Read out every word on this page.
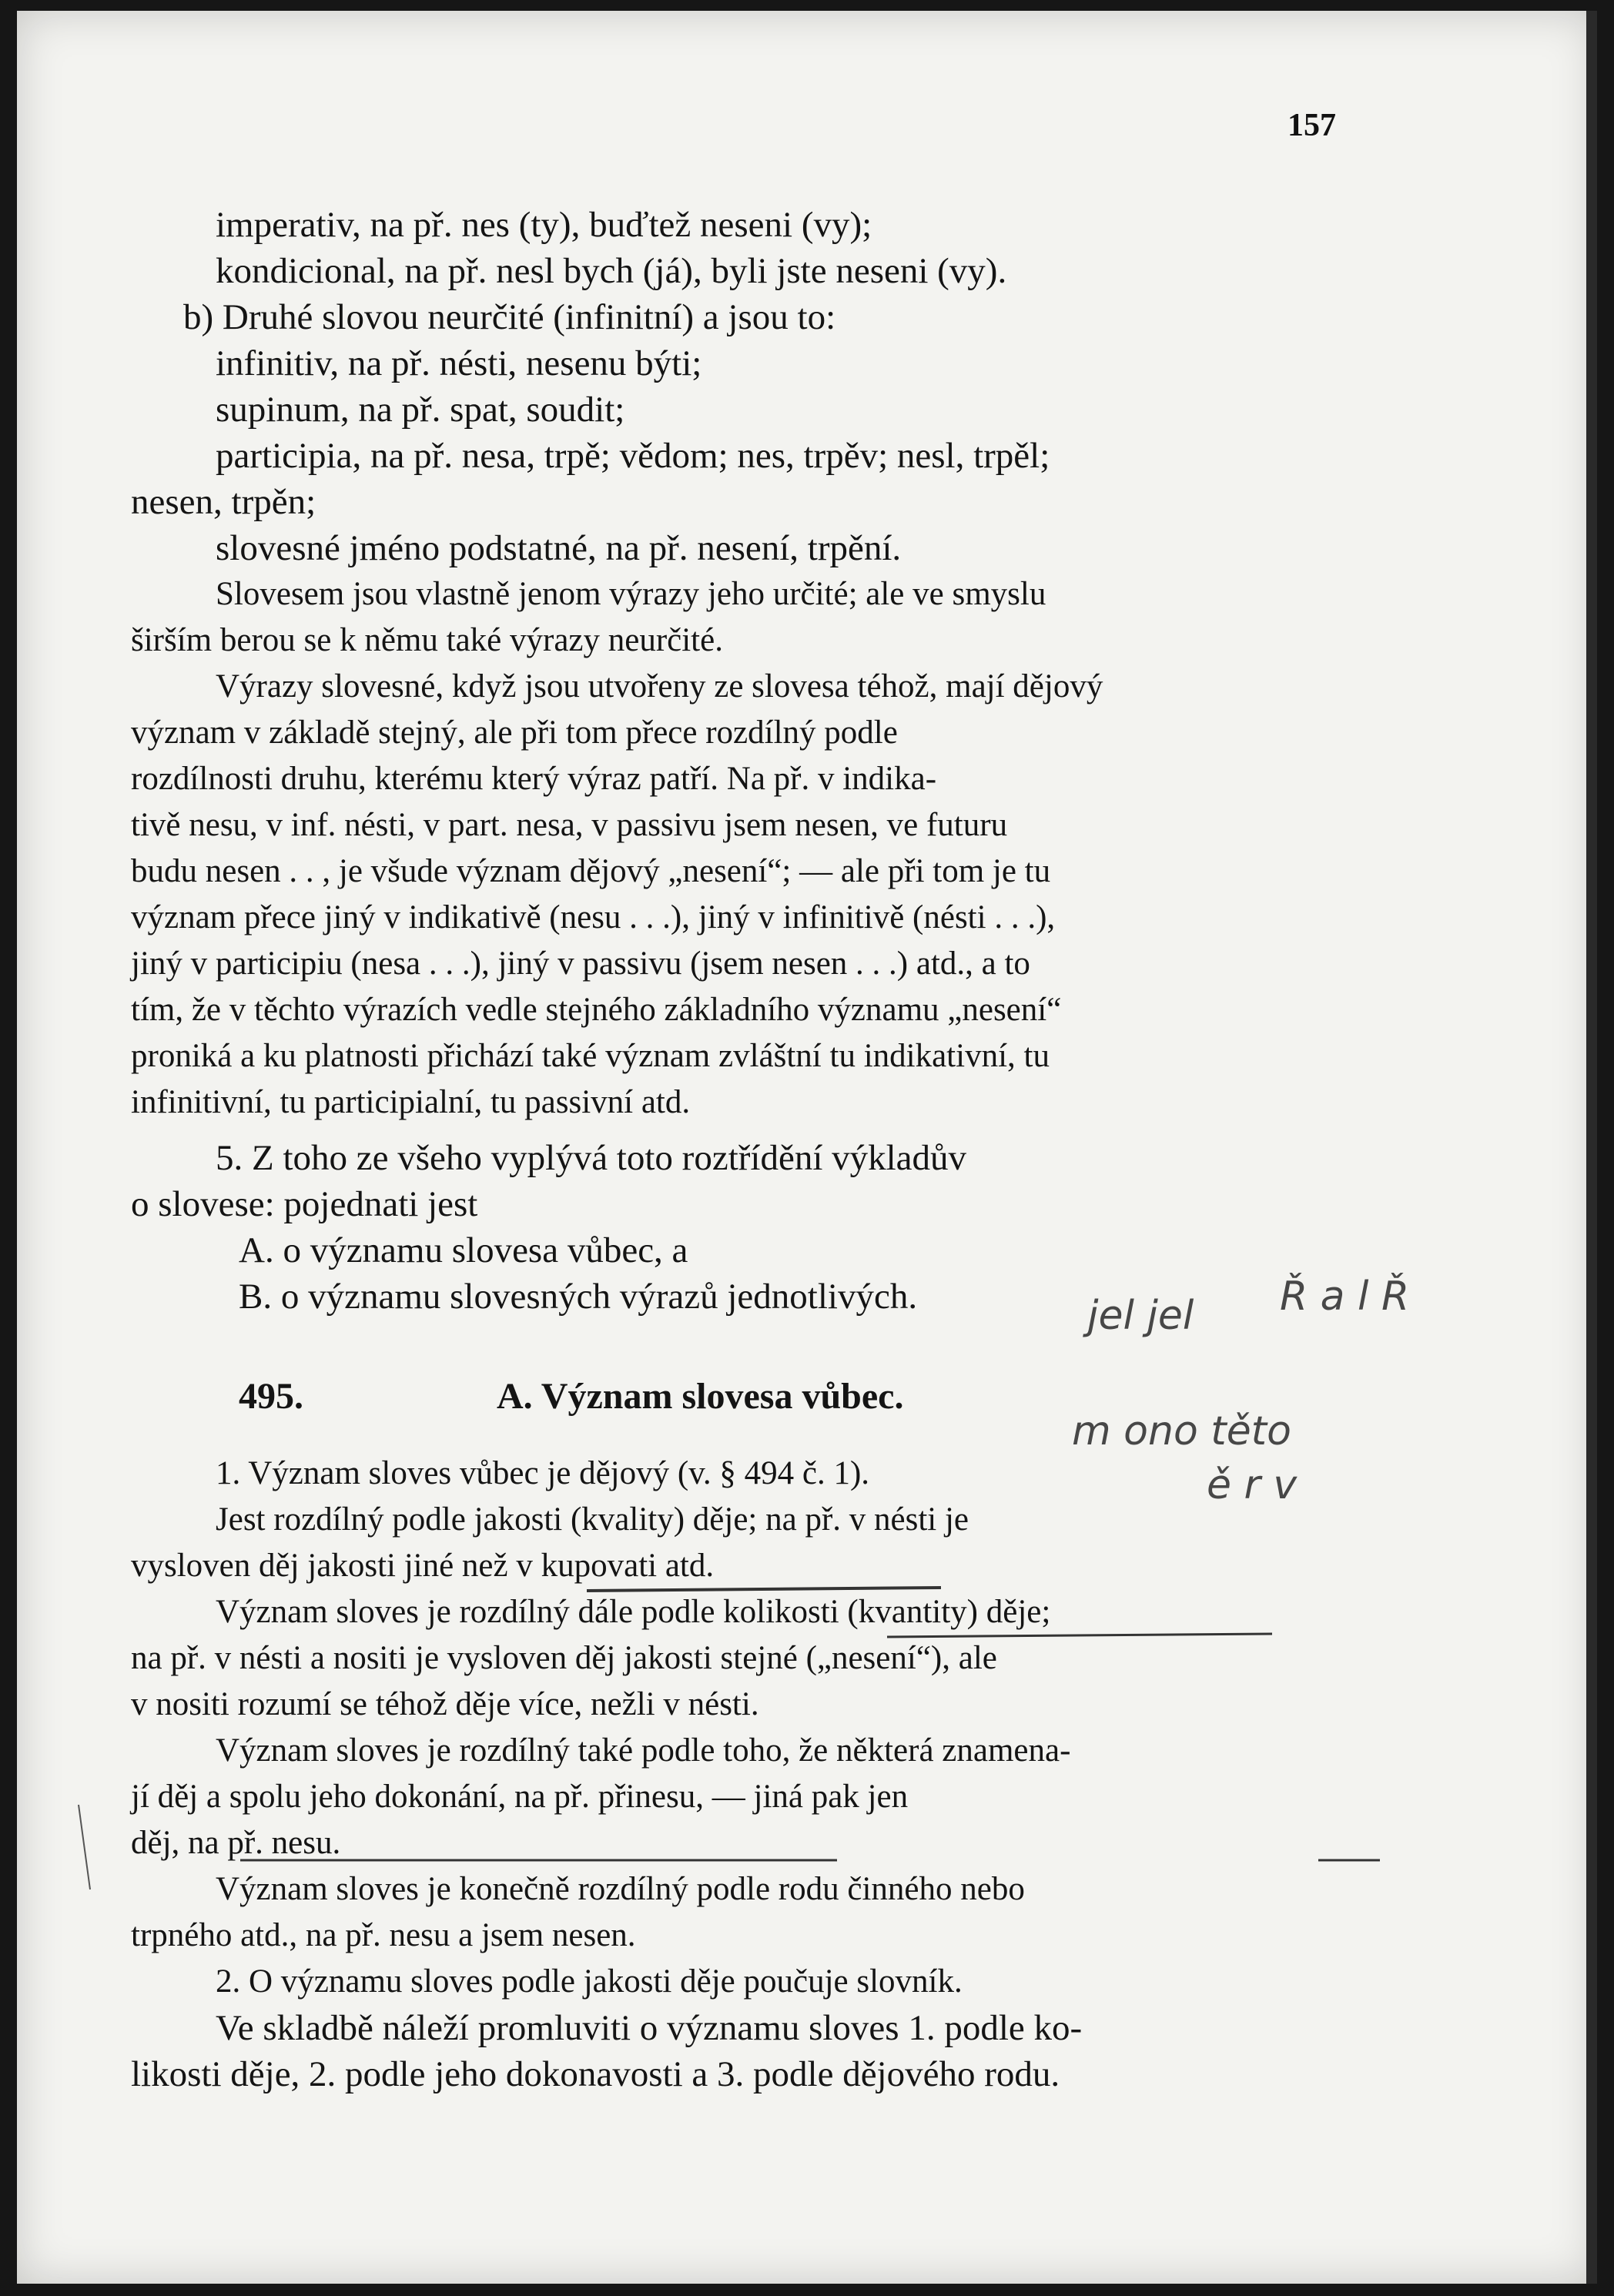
157
imperativ, na př. nes (ty), buďtež neseni (vy);
kondicional, na př. nesl bych (já), byli jste neseni (vy).
b) Druhé slovou neurčité (infinitní) a jsou to:
infinitiv, na př. nésti, nesenu býti;
supinum, na př. spat, soudit;
participia, na př. nesa, trpě; vědom; nes, trpěv; nesl, trpěl;
nesen, trpěn;
slovesné jméno podstatné, na př. nesení, trpění.
Slovesem jsou vlastně jenom výrazy jeho určité; ale ve smyslu
širším berou se k němu také výrazy neurčité.
Výrazy slovesné, když jsou utvořeny ze slovesa téhož, mají dějový
význam v základě stejný, ale při tom přece rozdílný podle
rozdílnosti druhu, kterému který výraz patří. Na př. v indika-
tivě nesu, v inf. nésti, v part. nesa, v passivu jsem nesen, ve futuru
budu nesen . . , je všude význam dějový „nesení“; — ale při tom je tu
význam přece jiný v indikativě (nesu . . .), jiný v infinitivě (nésti . . .),
jiný v participiu (nesa . . .), jiný v passivu (jsem nesen . . .) atd., a to
tím, že v těchto výrazích vedle stejného základního významu „nesení“
proniká a ku platnosti přichází také význam zvláštní tu indikativní, tu
infinitivní, tu participialní, tu passivní atd.
5. Z toho ze všeho vyplývá toto roztřídění výkladův
o slovese: pojednati jest
A. o významu slovesa vůbec, a
B. o významu slovesných výrazů jednotlivých.
495.	A. Význam slovesa vůbec.
1. Význam sloves vůbec je dějový (v. § 494 č. 1).
Jest rozdílný podle jakosti (kvality) děje; na př. v nésti je
vysloven děj jakosti jiné než v kupovati atd.
Význam sloves je rozdílný dále podle kolikosti (kvantity) děje;
na př. v nésti a nositi je vysloven děj jakosti stejné („nesení“), ale
v nositi rozumí se téhož děje více, nežli v nésti.
Význam sloves je rozdílný také podle toho, že některá znamena-
jí děj a spolu jeho dokonání, na př. přinesu, — jiná pak jen
děj, na př. nesu.
Význam sloves je konečně rozdílný podle rodu činného nebo
trpného atd., na př. nesu a jsem nesen.
2. O významu sloves podle jakosti děje poučuje slovník.
Ve skladbě náleží promluviti o významu sloves 1. podle ko-
likosti děje, 2. podle jeho dokonavosti a 3. podle dějového rodu.
jel jel Ř a l Ř
m ono těto
ě r v
